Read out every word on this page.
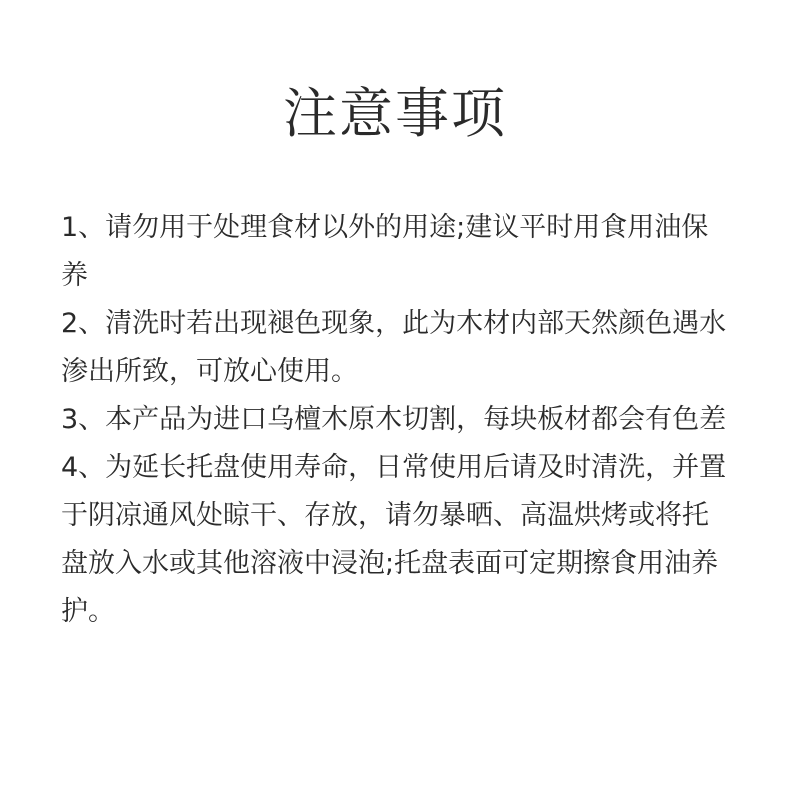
注意事项
1、请勿用于处理食材以外的用途;建议平时用食用油保养
2、清洗时若出现褪色现象，此为木材内部天然颜色遇水渗出所致，可放心使用。
3、本产品为进口乌檀木原木切割，每块板材都会有色差
4、为延长托盘使用寿命，日常使用后请及时清洗，并置于阴凉通风处晾干、存放，请勿暴晒、高温烘烤或将托盘放入水或其他溶液中浸泡;托盘表面可定期擦食用油养护。
